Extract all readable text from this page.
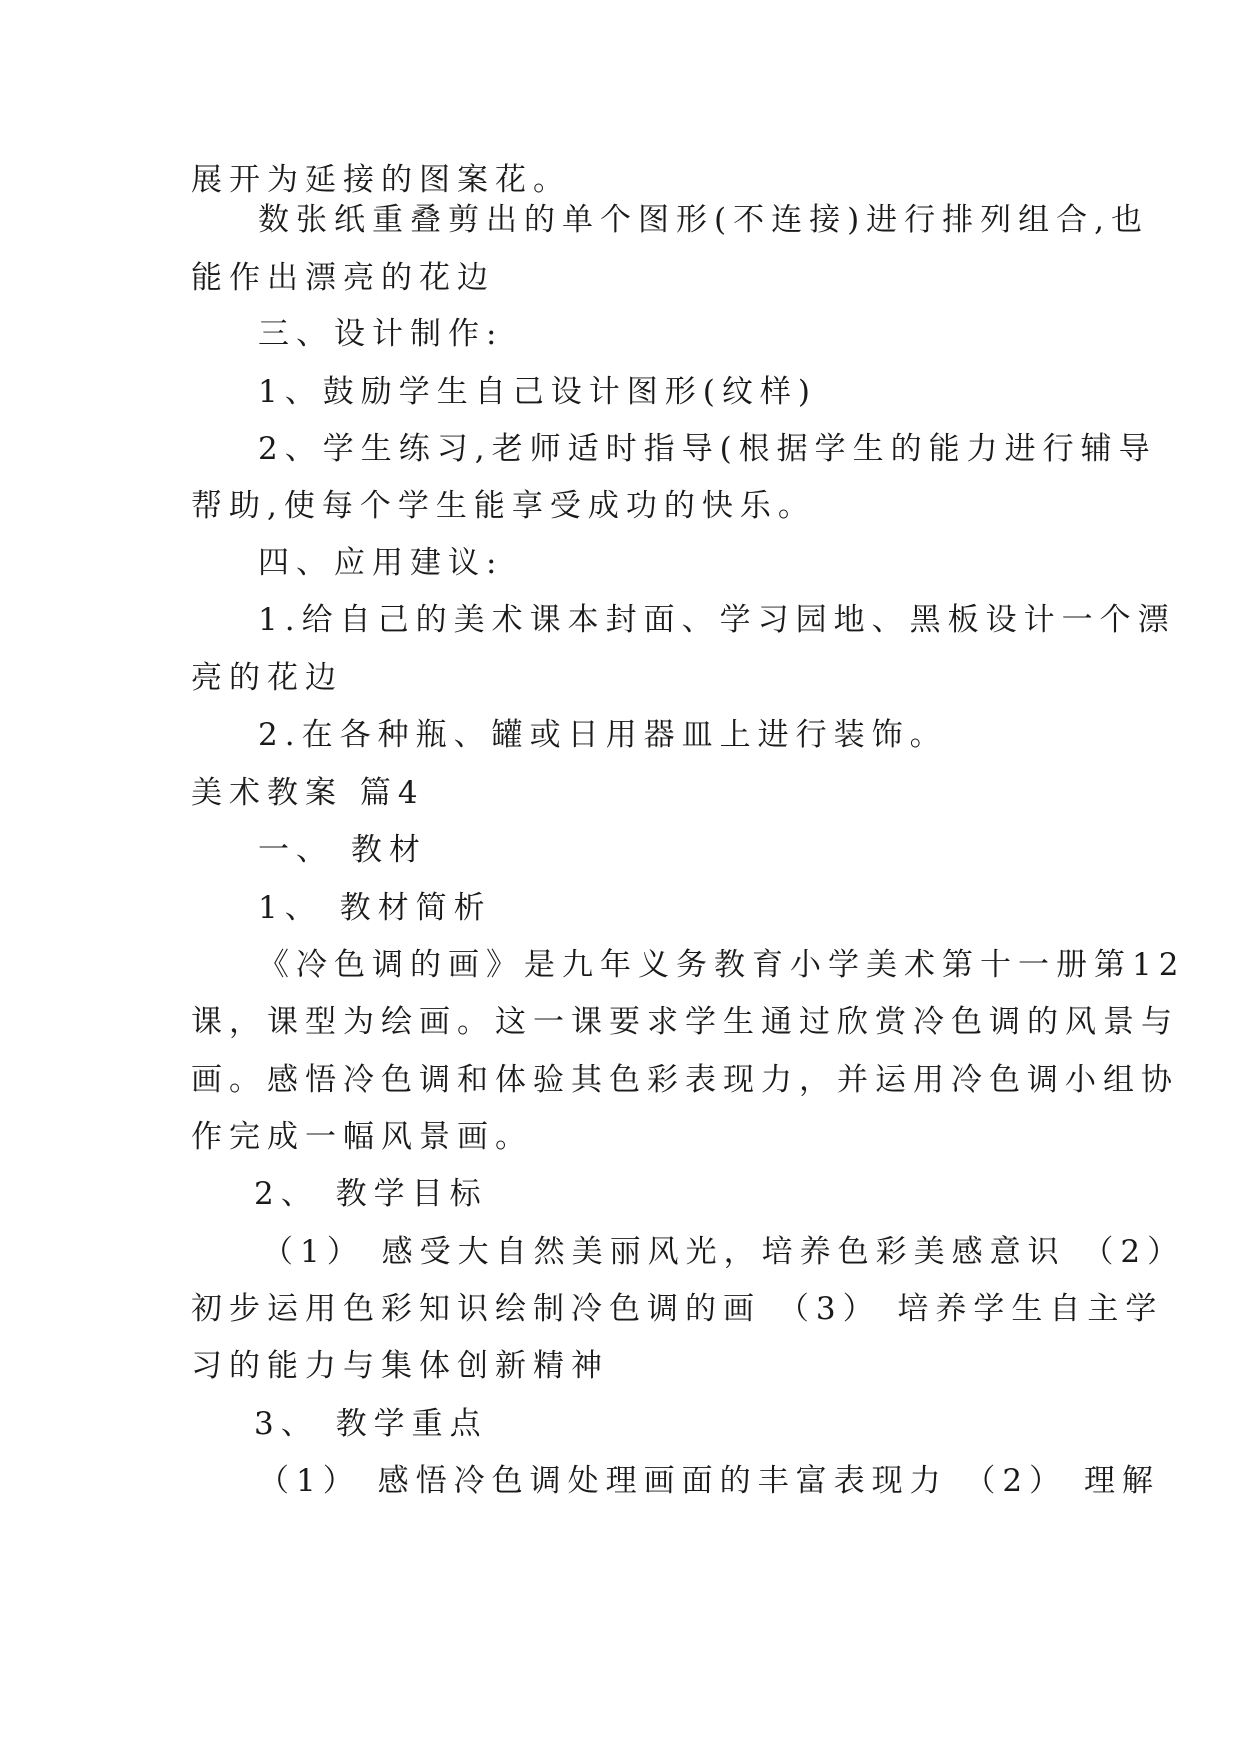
展开为延接的图案花。
数张纸重叠剪出的单个图形(不连接)进行排列组合,也
能作出漂亮的花边
三、设计制作:
1、鼓励学生自己设计图形(纹样)
2、学生练习,老师适时指导(根据学生的能力进行辅导
帮助,使每个学生能享受成功的快乐。
四、应用建议:
1.给自己的美术课本封面、学习园地、黑板设计一个漂
亮的花边
2.在各种瓶、罐或日用器皿上进行装饰。
美术教案 篇4
一、 教材
1、 教材简析
《冷色调的画》是九年义务教育小学美术第十一册第12
课，课型为绘画。这一课要求学生通过欣赏冷色调的风景与
画。感悟冷色调和体验其色彩表现力，并运用冷色调小组协
作完成一幅风景画。
2、 教学目标
（1） 感受大自然美丽风光，培养色彩美感意识 （2）
初步运用色彩知识绘制冷色调的画 （3） 培养学生自主学
习的能力与集体创新精神
3、 教学重点
（1） 感悟冷色调处理画面的丰富表现力 （2） 理解
